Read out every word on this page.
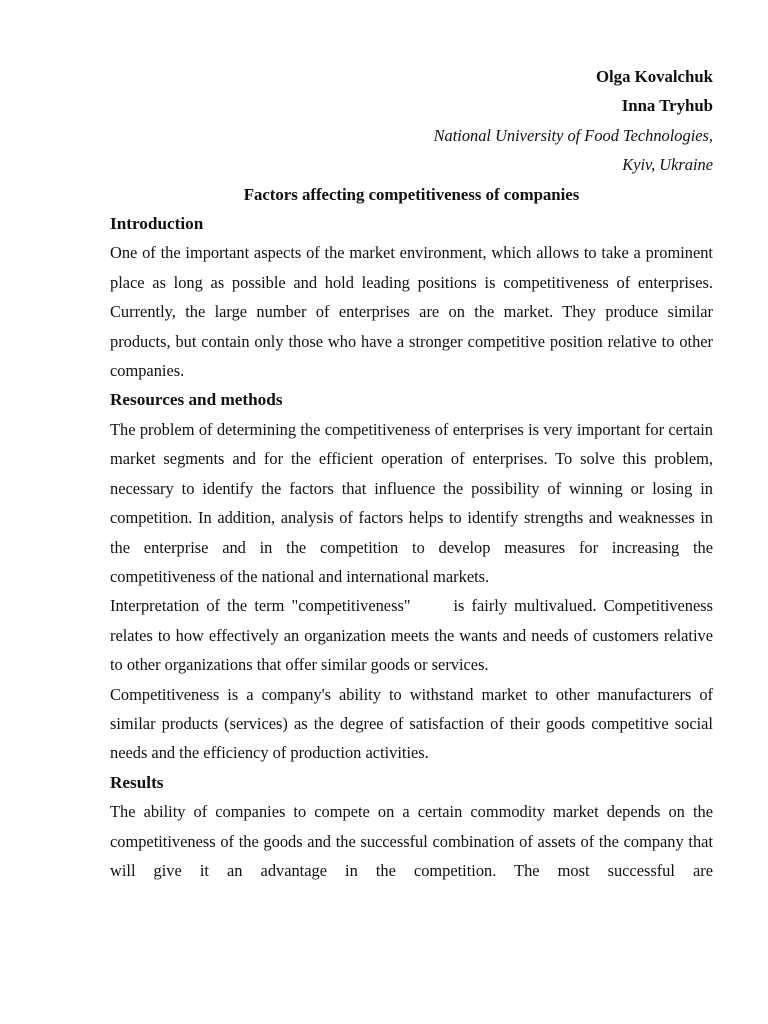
Olga Kovalchuk
Inna Tryhub
National University of Food Technologies,
Kyiv, Ukraine
Factors affecting competitiveness of companies
Introduction

One of the important aspects of the market environment, which allows to take a prominent place as long as possible and hold leading positions is competitiveness of enterprises. Currently, the large number of enterprises are on the market. They produce similar products, but contain only those who have a stronger competitive position relative to other companies.

Resources and methods

The problem of determining the competitiveness of enterprises is very important for certain market segments and for the efficient operation of enterprises. To solve this problem, necessary to identify the factors that influence the possibility of winning or losing in competition. In addition, analysis of factors helps to identify strengths and weaknesses in the enterprise and in the competition to develop measures for increasing the competitiveness of the national and international markets.

Interpretation of the term "competitiveness"      is fairly multivalued. Competitiveness relates to how effectively an organization meets the wants and needs of customers relative to other organizations that offer similar goods or services.

Competitiveness is a company's ability to withstand market to other manufacturers of similar products (services) as the degree of satisfaction of their goods competitive social needs and the efficiency of production activities.

Results

The ability of companies to compete on a certain commodity market depends on the competitiveness of the goods and the successful combination of assets of the company that will give it an advantage in the competition. The most successful are
